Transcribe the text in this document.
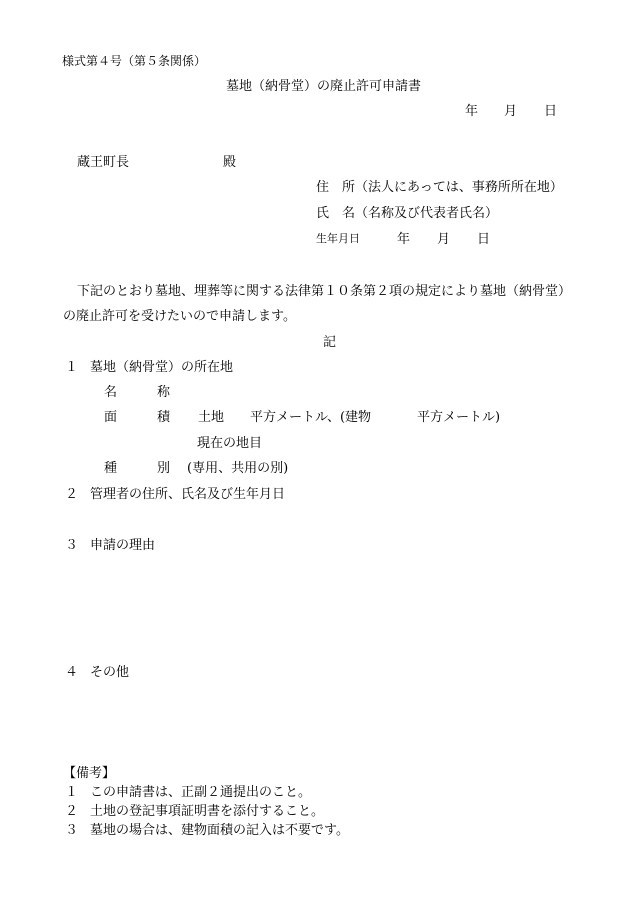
様式第４号（第５条関係）
墓地（納骨堂）の廃止許可申請書
年 月 日
蔵王町長	殿
住　所（法人にあっては、事務所所在地）
氏　名（名称及び代表者氏名）
生年月日	年 月 日
下記のとおり墓地、埋葬等に関する法律第１０条第２項の規定により墓地（納骨堂）
の廃止許可を受けたいので申請します。
記
１ 墓地（納骨堂）の所在地
名	称
面	積 土地 平方メートル、(建物	平方メートル)
現在の地目
種	別 (専用、共用の別)
２ 管理者の住所、氏名及び生年月日
３ 申請の理由
４ その他
【備考】
１ この申請書は、正副２通提出のこと。
２ 土地の登記事項証明書を添付すること。
３ 墓地の場合は、建物面積の記入は不要です。
